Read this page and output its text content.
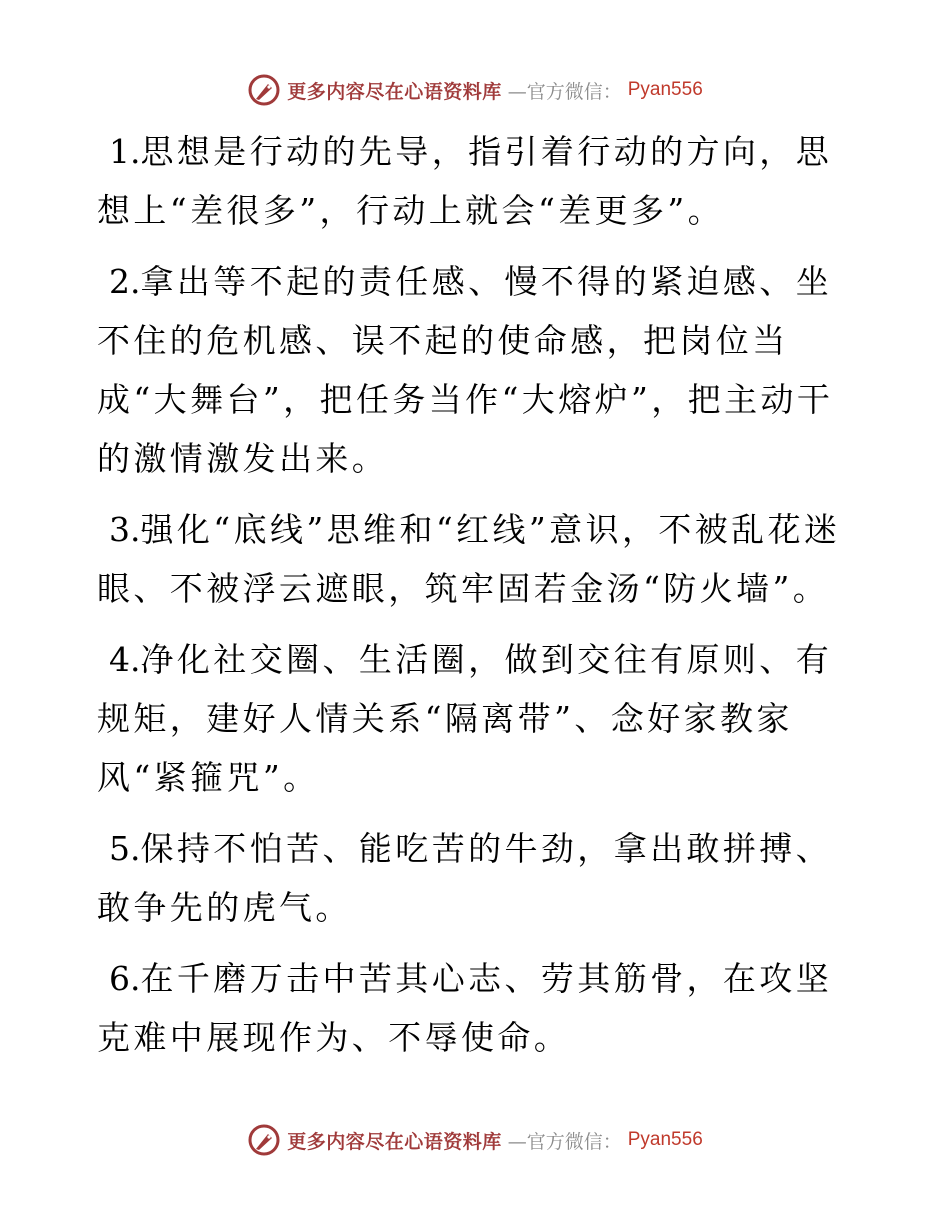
更多内容尽在心语资料库 —官方微信： Pyan556

1.思想是行动的先导，指引着行动的方向，思想上“差很多”，行动上就会“差更多”。

2.拿出等不起的责任感、慢不得的紧迫感、坐不住的危机感、误不起的使命感，把岗位当成“大舞台”，把任务当作“大熔炉”，把主动干的激情激发出来。

3.强化“底线”思维和“红线”意识，不被乱花迷眼、不被浮云遮眼，筑牢固若金汤“防火墙”。

4.净化社交圈、生活圈，做到交往有原则、有规矩，建好人情关系“隔离带”、念好家教家风“紧箍咒”。

5.保持不怕苦、能吃苦的牛劲，拿出敢拼搏、敢争先的虎气。

6.在千磨万击中苦其心志、劳其筋骨，在攻坚克难中展现作为、不辱使命。

更多内容尽在心语资料库 —官方微信： Pyan556
